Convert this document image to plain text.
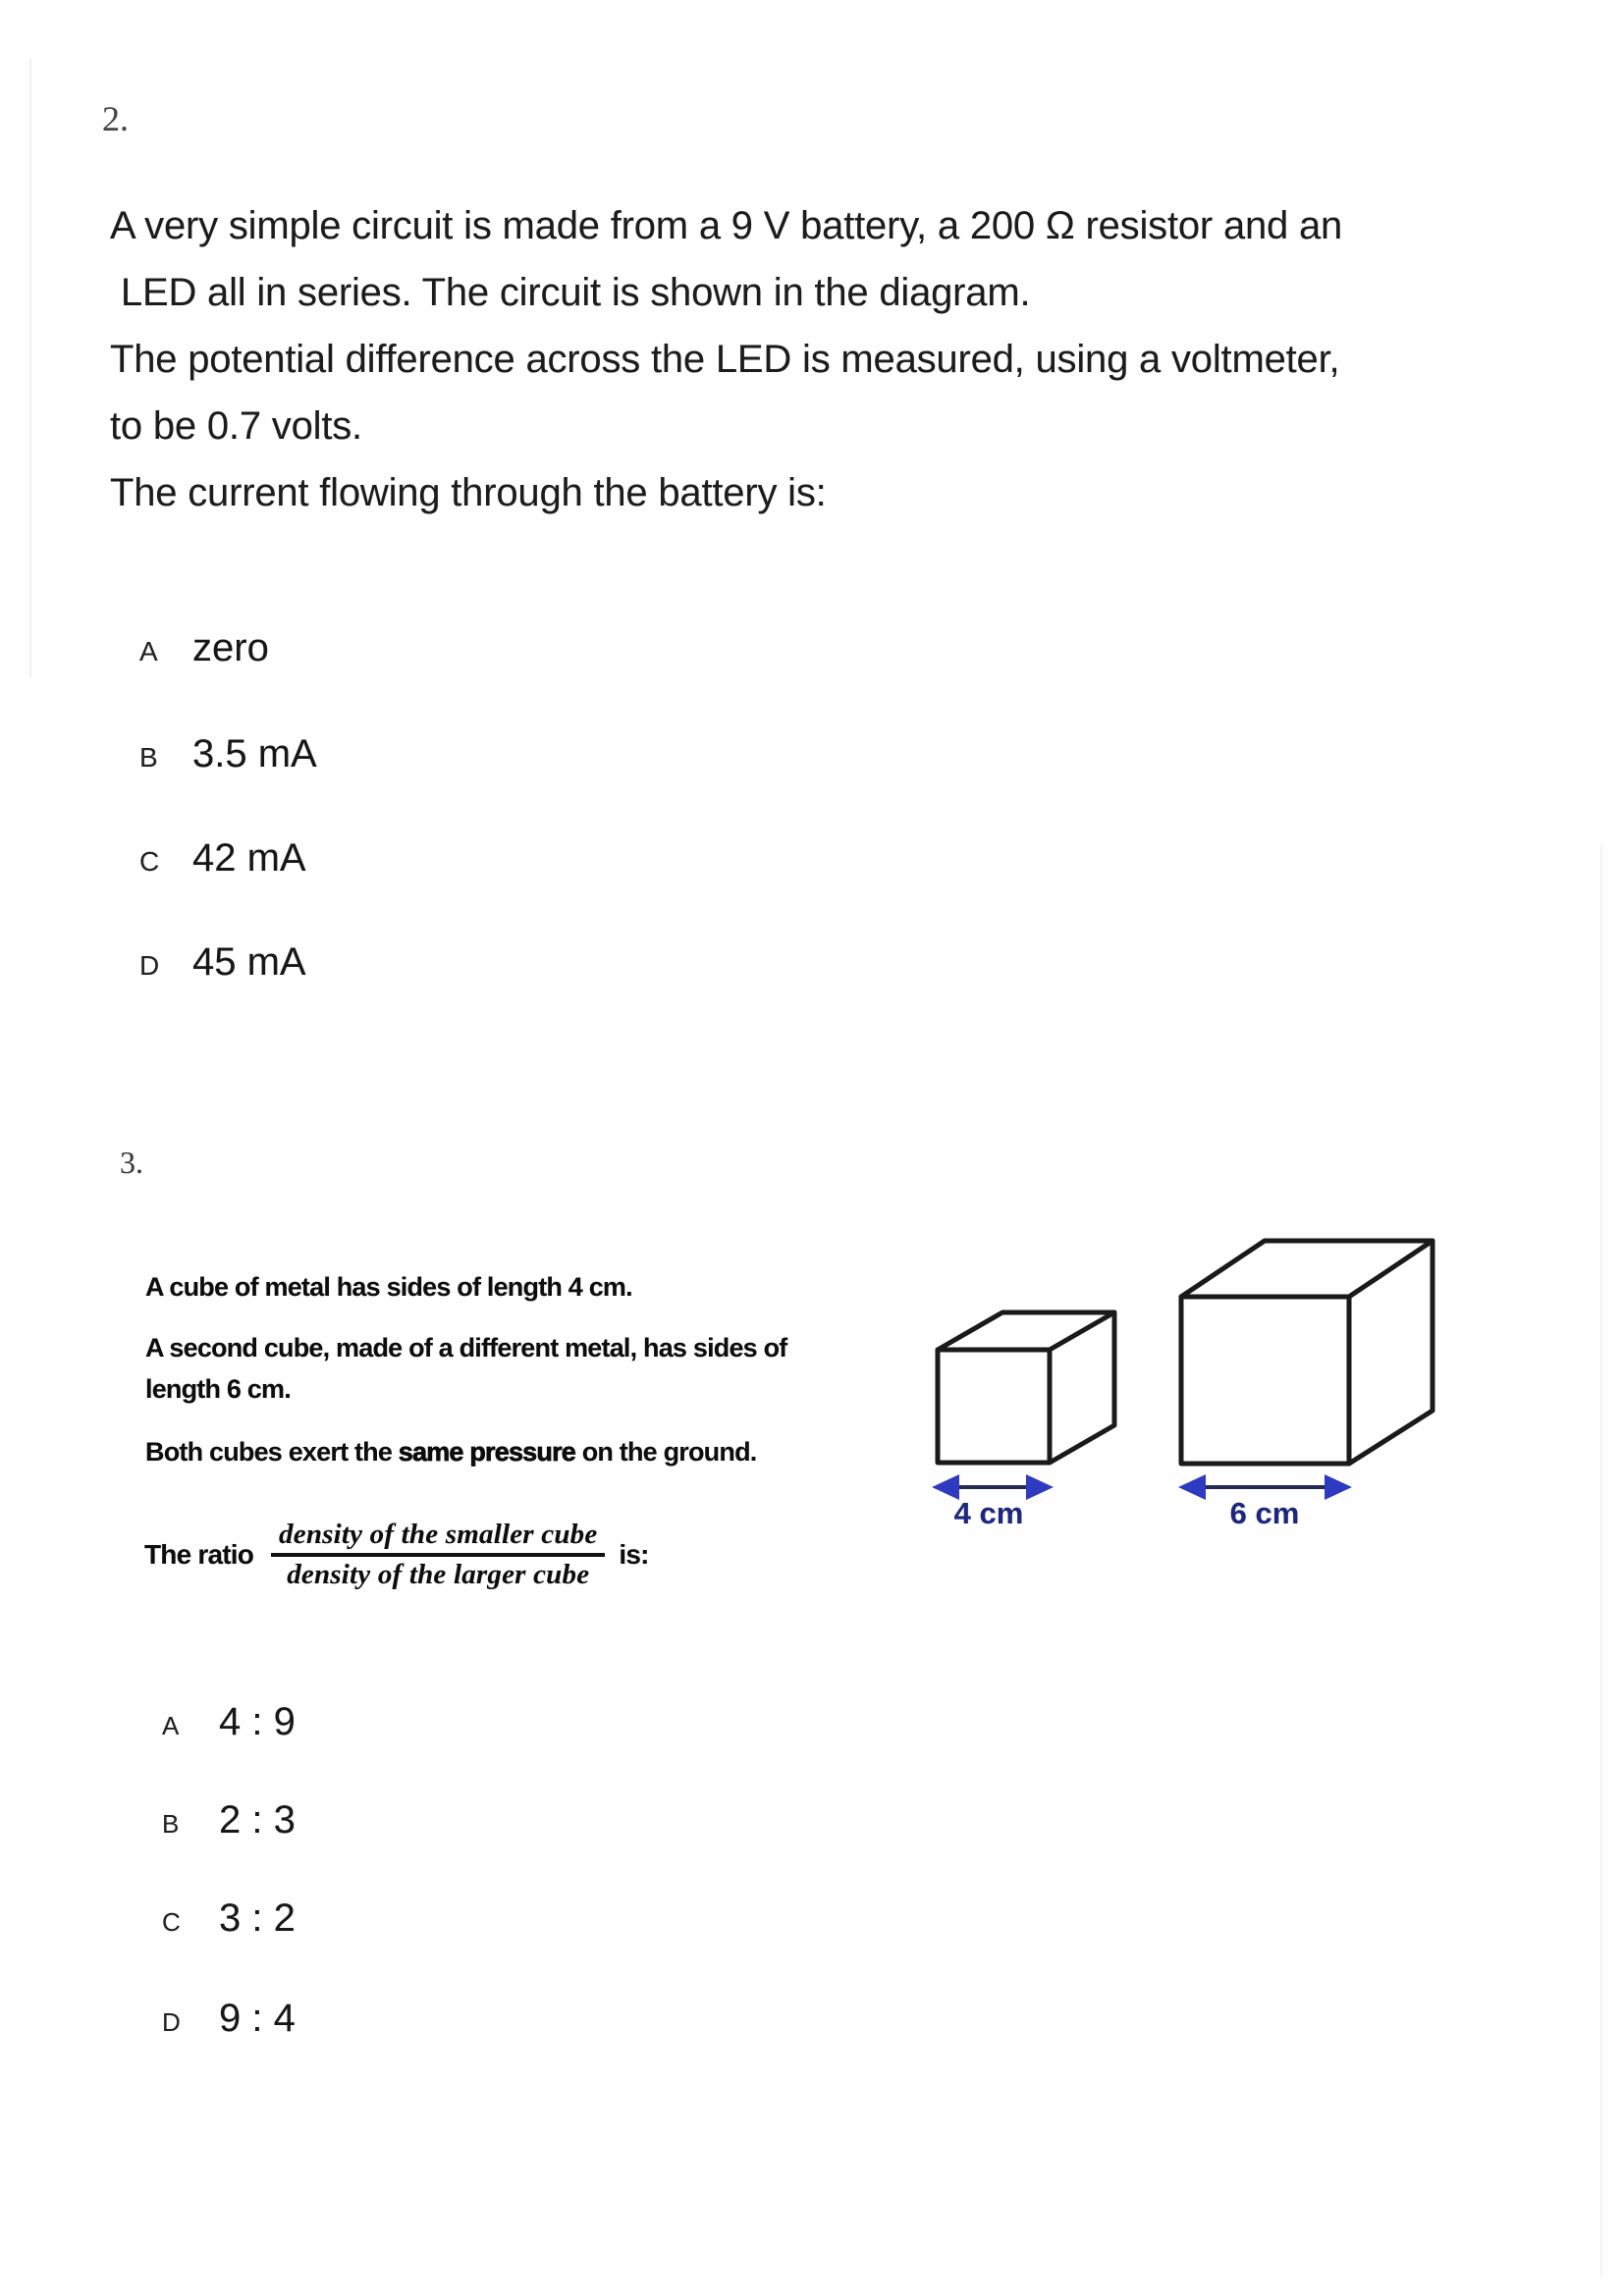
2.
A very simple circuit is made from a 9 V battery, a 200 Ω resistor and an
LED all in series. The circuit is shown in the diagram.
The potential difference across the LED is measured, using a voltmeter,
to be 0.7 volts.
The current flowing through the battery is:
A zero
B 3.5 mA
C 42 mA
D 45 mA
3.
A cube of metal has sides of length 4 cm.
A second cube, made of a different metal, has sides of
length 6 cm.
Both cubes exert the same pressure on the ground.
The ratio $\frac{\text{density of the smaller cube}}{\text{density of the larger cube}}$ is:
A	4 : 9
B	2 : 3
C 3 : 2
D 9 : 4
4 cm	6 cm
